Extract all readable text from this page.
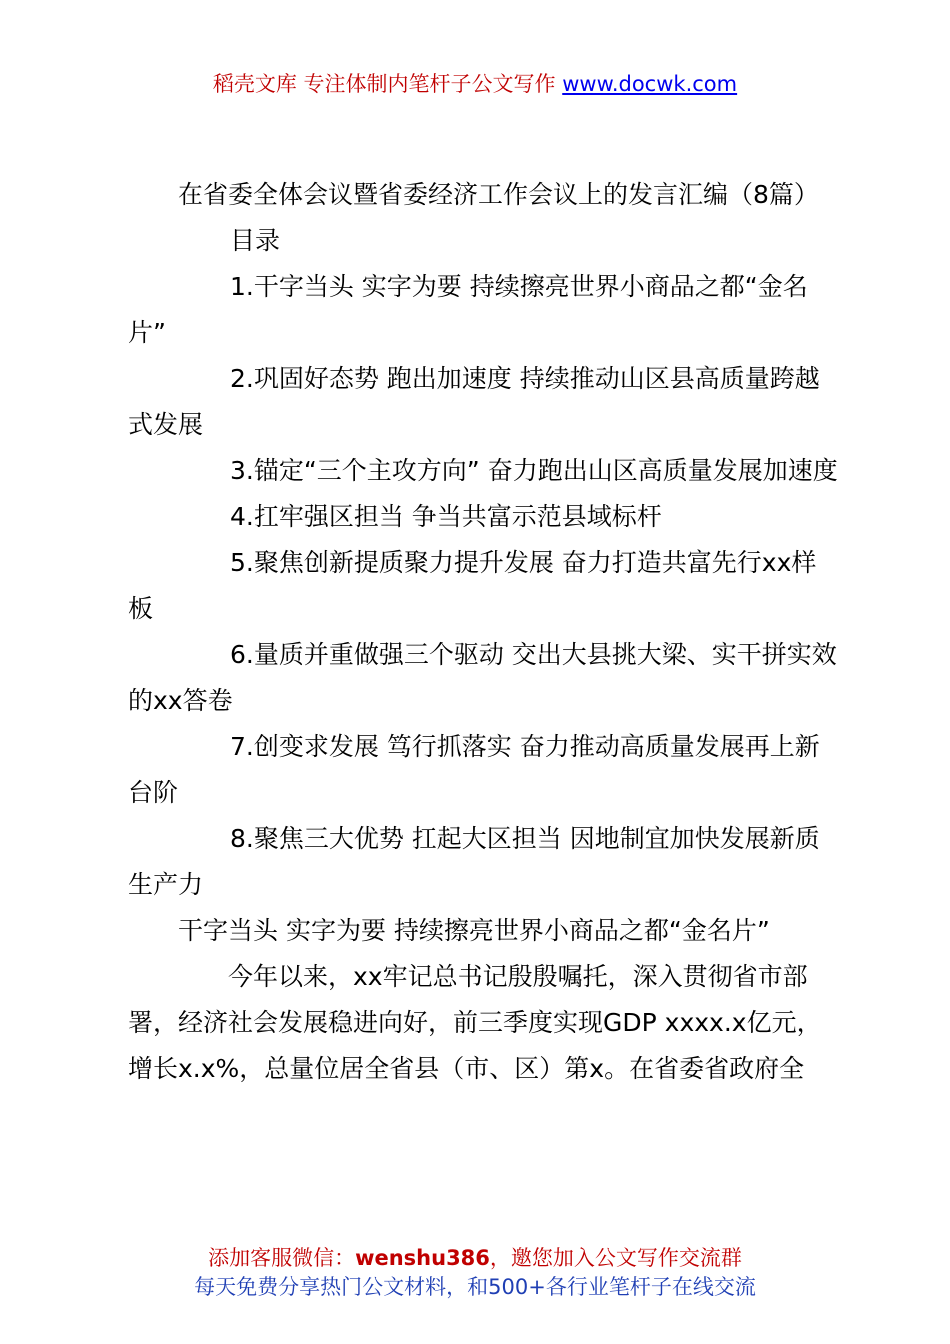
稻壳文库 专注体制内笔杆子公文写作 www.docwk.com

在省委全体会议暨省委经济工作会议上的发言汇编（8篇）

目录

1.干字当头 实字为要 持续擦亮世界小商品之都“金名片”

2.巩固好态势 跑出加速度 持续推动山区县高质量跨越式发展

3.锚定“三个主攻方向” 奋力跑出山区高质量发展加速度

4.扛牢强区担当 争当共富示范县域标杆

5.聚焦创新提质聚力提升发展 奋力打造共富先行xx样板

6.量质并重做强三个驱动 交出大县挑大梁、实干拼实效的xx答卷

7.创变求发展 笃行抓落实 奋力推动高质量发展再上新台阶

8.聚焦三大优势 扛起大区担当 因地制宜加快发展新质生产力

干字当头 实字为要 持续擦亮世界小商品之都“金名片”

今年以来，xx牢记总书记殷殷嘱托，深入贯彻省市部署，经济社会发展稳进向好，前三季度实现GDP xxxx.x亿元，增长x.x%，总量位居全省县（市、区）第x。在省委省政府全

添加客服微信：wenshu386，邀您加入公文写作交流群
每天免费分享热门公文材料，和500+各行业笔杆子在线交流
